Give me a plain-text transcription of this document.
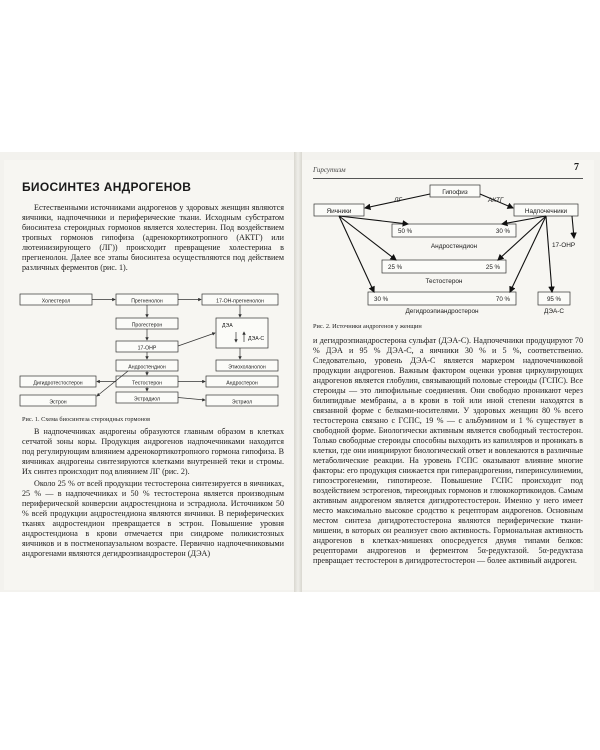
БИОСИНТЕЗ АНДРОГЕНОВ

Естественными источниками андрогенов у здоровых женщин являются яичники, надпочечники и периферические ткани. Исходным субстратом биосинтеза стероидных гормонов является холестерин. Под воздействием тропных гормонов гипофиза (адренокортикотропного (АКТГ) или лютеинизирующего (ЛГ)) происходит превращение холестерина в прегненолон. Далее все этапы биосинтеза осуществляются под действием различных ферментов (рис. 1).

Холестерол	Прегненолон	17-ОН-прегненолон
Прогестерон
17-ОНР
ДЭА
ДЭА-С
Андростендион	Этиохоланолон
Дигидротестостерон	Тестостерон	Андростерон
Эстрон	Эстрадиол	Эстриол
Рис. 1. Схема биосинтеза стероидных гормонов

В надпочечниках андрогены образуются главным образом в клетках сетчатой зоны коры. Продукция андрогенов надпочечниками находится под регулирующим влиянием адренокортикотропного гормона гипофиза. В яичниках андрогены синтезируются клетками внутренней теки и стромы. Их синтез происходит под влиянием ЛГ (рис. 2).

Около 25 % от всей продукции тестостерона синтезируется в яичниках, 25 % — в надпочечниках и 50 % тестостерона является производным периферической конверсии андростендиона и эстрадиола. Источником 50 % всей продукции андростендиона являются яичники. В периферических тканях андростендион превращается в эстрон. Повышение уровня андростендиона в крови отмечается при синдроме поликистозных яичников и в постменопаузальном возрасте. Первично надпочечниковыми андрогенами являются дегидроэпиандростерон (ДЭА)

Гирсутизм	7
Гипофиз
ЛГ	АКТГ
Яичники	Надпочечники
50 %	30 %
Андростендион	17-ОНР
25 %	25 %
Тестостерон
30 %	70 %	95 %
Дегидроэпиандростерон	ДЭА-С
Рис. 2. Источники андрогенов у женщин

и дегидроэпиандростерона сульфат (ДЭА-С). Надпочечники продуцируют 70 % ДЭА и 95 % ДЭА-С, а яичники 30 % и 5 %, соответственно. Следовательно, уровень ДЭА-С является маркером надпочечниковой продукции андрогенов. Важным фактором оценки уровня циркулирующих андрогенов является глобулин, связывающий половые стероиды (ГСПС). Все стероиды — это липофильные соединения. Они свободно проникают через билипидные мембраны, а в крови в той или иной степени находятся в связанной форме с белками-носителями. У здоровых женщин 80 % всего тестостерона связано с ГСПС, 19 % — с альбумином и 1 % существует в свободной форме. Биологически активным является свободный тестостерон. Только свободные стероиды способны выходить из капилляров и проникать в клетки, где они инициируют биологический ответ и вовлекаются в различные метаболические реакции. На уровень ГСПС оказывают влияние многие факторы: его продукция снижается при гиперандрогении, гиперинсулинемии, гипоэстрогенемии, гипотиреозе. Повышение ГСПС происходит под воздействием эстрогенов, тиреоидных гормонов и глюкокортикоидов. Самым активным андрогеном является дигидротестостерон. Именно у него имеет место максимально высокое сродство к рецепторам андрогенов. Основным местом синтеза дигидротестостерона являются периферические ткани-мишени, в которых он реализует свою активность. Гормональная активность андрогенов в клетках-мишенях опосредуется двумя типами белков: рецепторами андрогенов и ферментом 5α-редуктазой. 5α-редуктаза превращает тестостерон в дигидротестостерон — более активный андроген.
